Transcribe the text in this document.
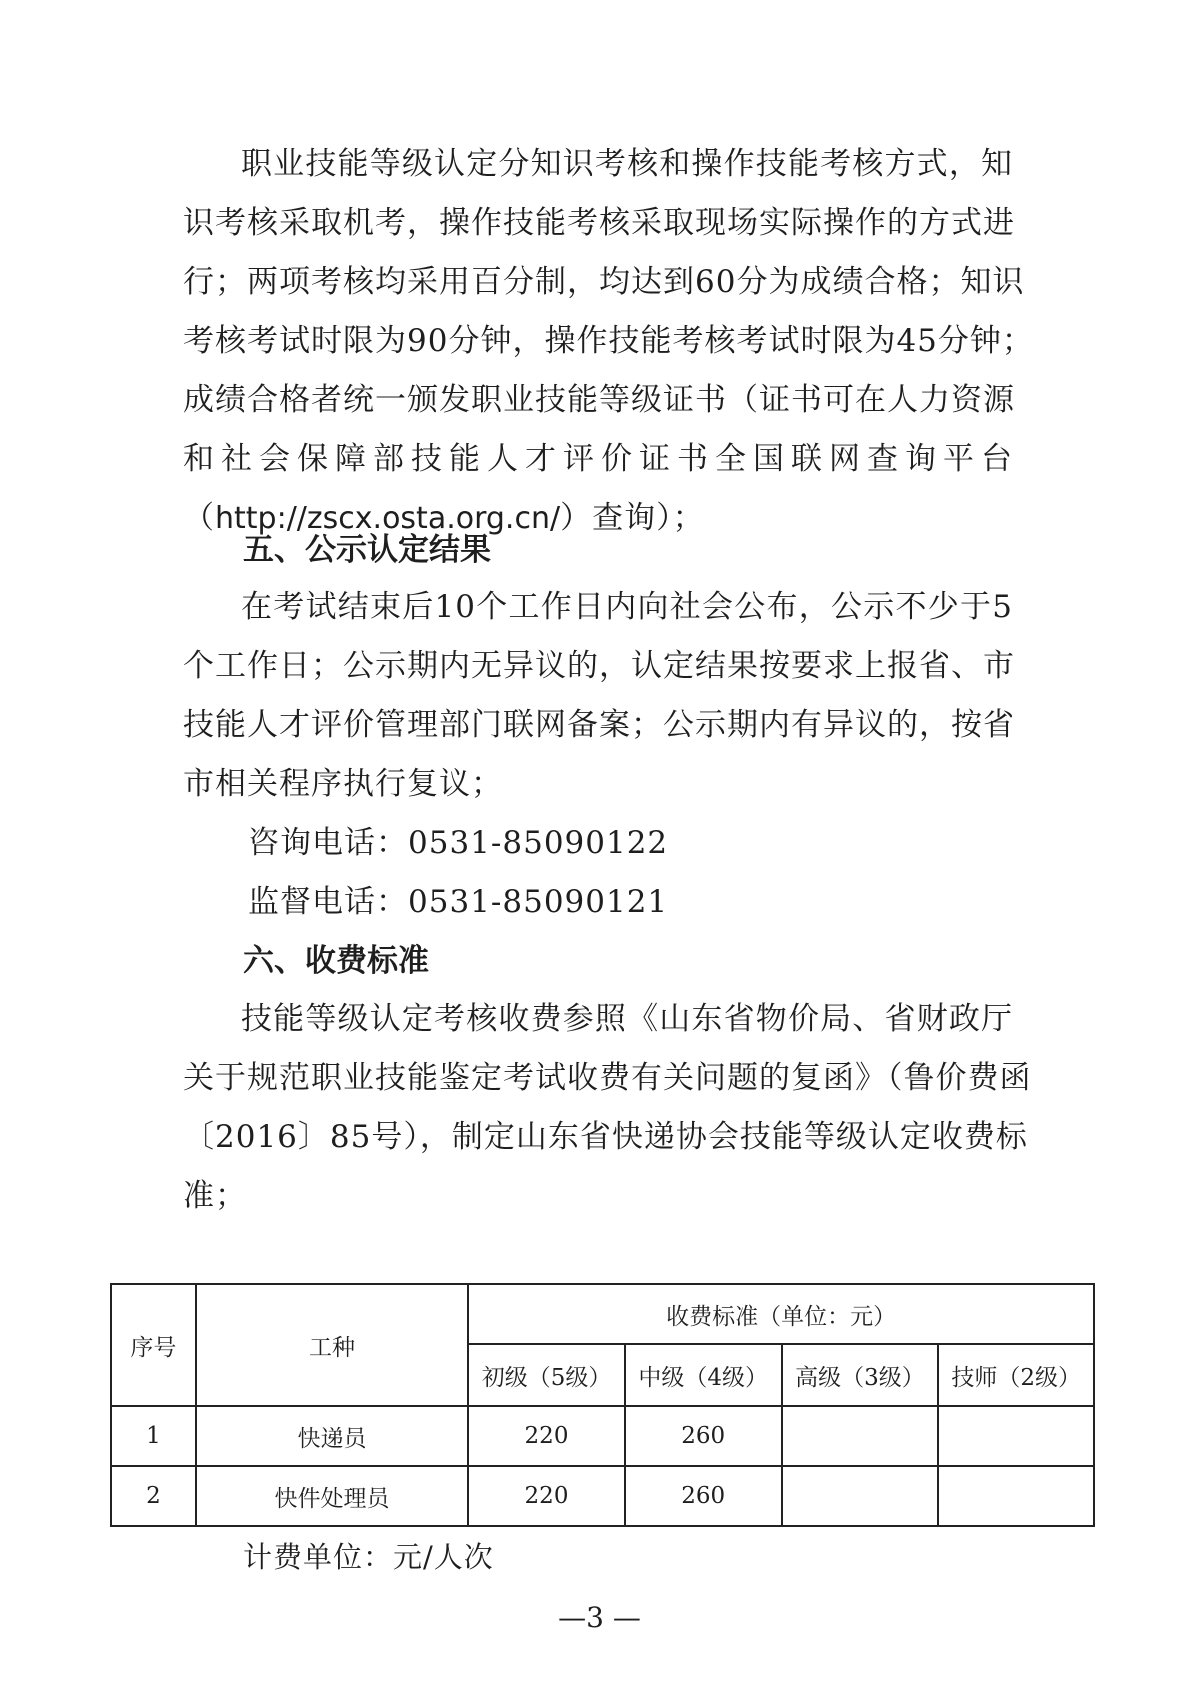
职业技能等级认定分知识考核和操作技能考核方式，知
识考核采取机考，操作技能考核采取现场实际操作的方式进
行；两项考核均采用百分制，均达到60分为成绩合格；知识
考核考试时限为90分钟，操作技能考核考试时限为45分钟；
成绩合格者统一颁发职业技能等级证书（证书可在人力资源
和社会保障部技能人才评价证书全国联网查询平台
（http://zscx.osta.org.cn/）查询）；

五、公示认定结果

在考试结束后10个工作日内向社会公布，公示不少于5
个工作日；公示期内无异议的，认定结果按要求上报省、市
技能人才评价管理部门联网备案；公示期内有异议的，按省
市相关程序执行复议；

咨询电话：0531-85090122

监督电话：0531-85090121

六、收费标准

技能等级认定考核收费参照《山东省物价局、省财政厅
关于规范职业技能鉴定考试收费有关问题的复函》（鲁价费函
〔2016〕85号），制定山东省快递协会技能等级认定收费标
准；
序号	工种	收费标准（单位：元）			
		初级（5级）	中级（4级）	高级（3级）	技师（2级）
1	快递员	220	260		
2	快件处理员	220	260		

计费单位：元/人次

—3 —
